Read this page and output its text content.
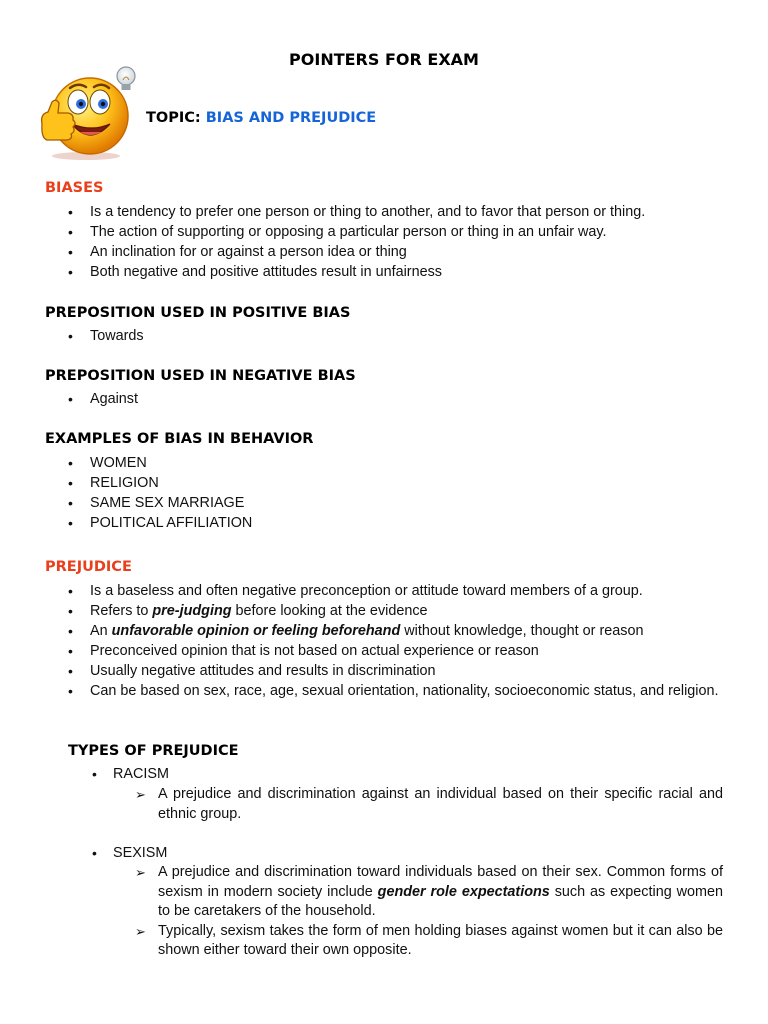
POINTERS FOR EXAM
TOPIC: BIAS AND PREJUDICE
BIASES
• Is a tendency to prefer one person or thing to another, and to favor that person or thing.
• The action of supporting or opposing a particular person or thing in an unfair way.
• An inclination for or against a person idea or thing
• Both negative and positive attitudes result in unfairness
PREPOSITION USED IN POSITIVE BIAS
• Towards
PREPOSITION USED IN NEGATIVE BIAS
• Against
EXAMPLES OF BIAS IN BEHAVIOR
• WOMEN
• RELIGION
• SAME SEX MARRIAGE
• POLITICAL AFFILIATION
PREJUDICE
• Is a baseless and often negative preconception or attitude toward members of a group.
• Refers to pre-judging before looking at the evidence
• An unfavorable opinion or feeling beforehand without knowledge, thought or reason
• Preconceived opinion that is not based on actual experience or reason
• Usually negative attitudes and results in discrimination
• Can be based on sex, race, age, sexual orientation, nationality, socioeconomic status, and religion.
TYPES OF PREJUDICE
• RACISM
➢ A prejudice and discrimination against an individual based on their specific racial and ethnic group.
• SEXISM
➢ A prejudice and discrimination toward individuals based on their sex. Common forms of sexism in modern society include gender role expectations such as expecting women to be caretakers of the household.
➢ Typically, sexism takes the form of men holding biases against women but it can also be shown either toward their own opposite.
